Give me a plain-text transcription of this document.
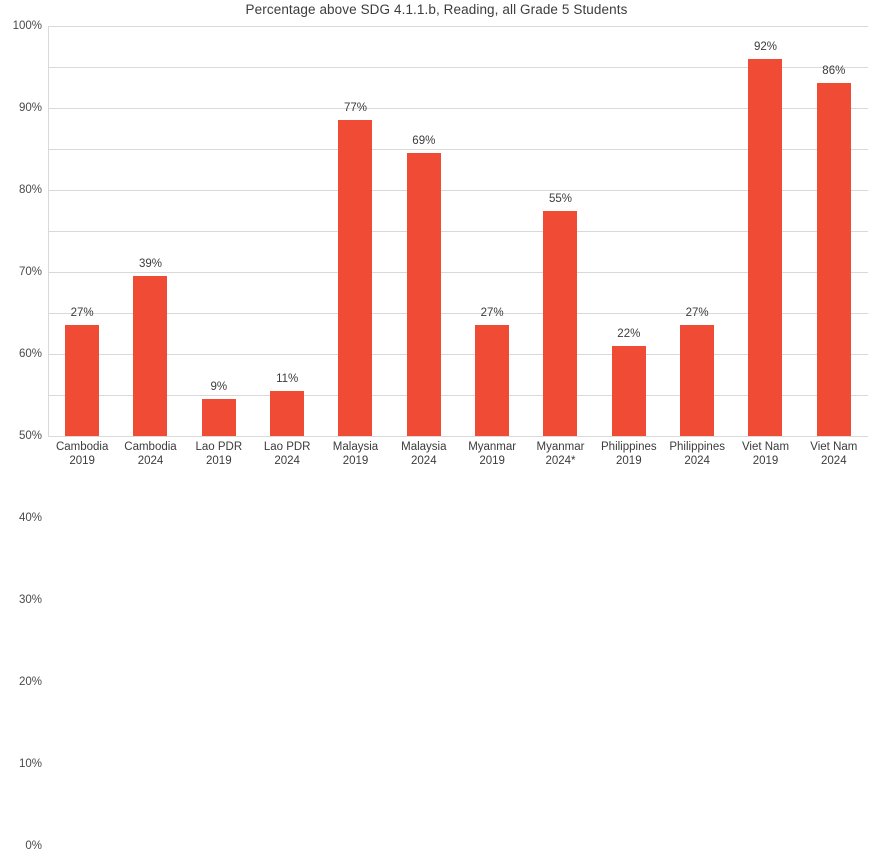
Percentage above SDG 4.1.1.b, Reading, all Grade 5 Students
0%
10%
20%
30%
40%
50%
60%
70%
80%
90%
100%
27%
39%
9%
11%
77%
69%
27%
55%
22%
27%
92%
86%
Cambodia
2019
Cambodia
2024
Lao PDR
2019
Lao PDR
2024
Malaysia
2019
Malaysia
2024
Myanmar
2019
Myanmar
2024*
Philippines
2019
Philippines
2024
Viet Nam
2019
Viet Nam
2024
